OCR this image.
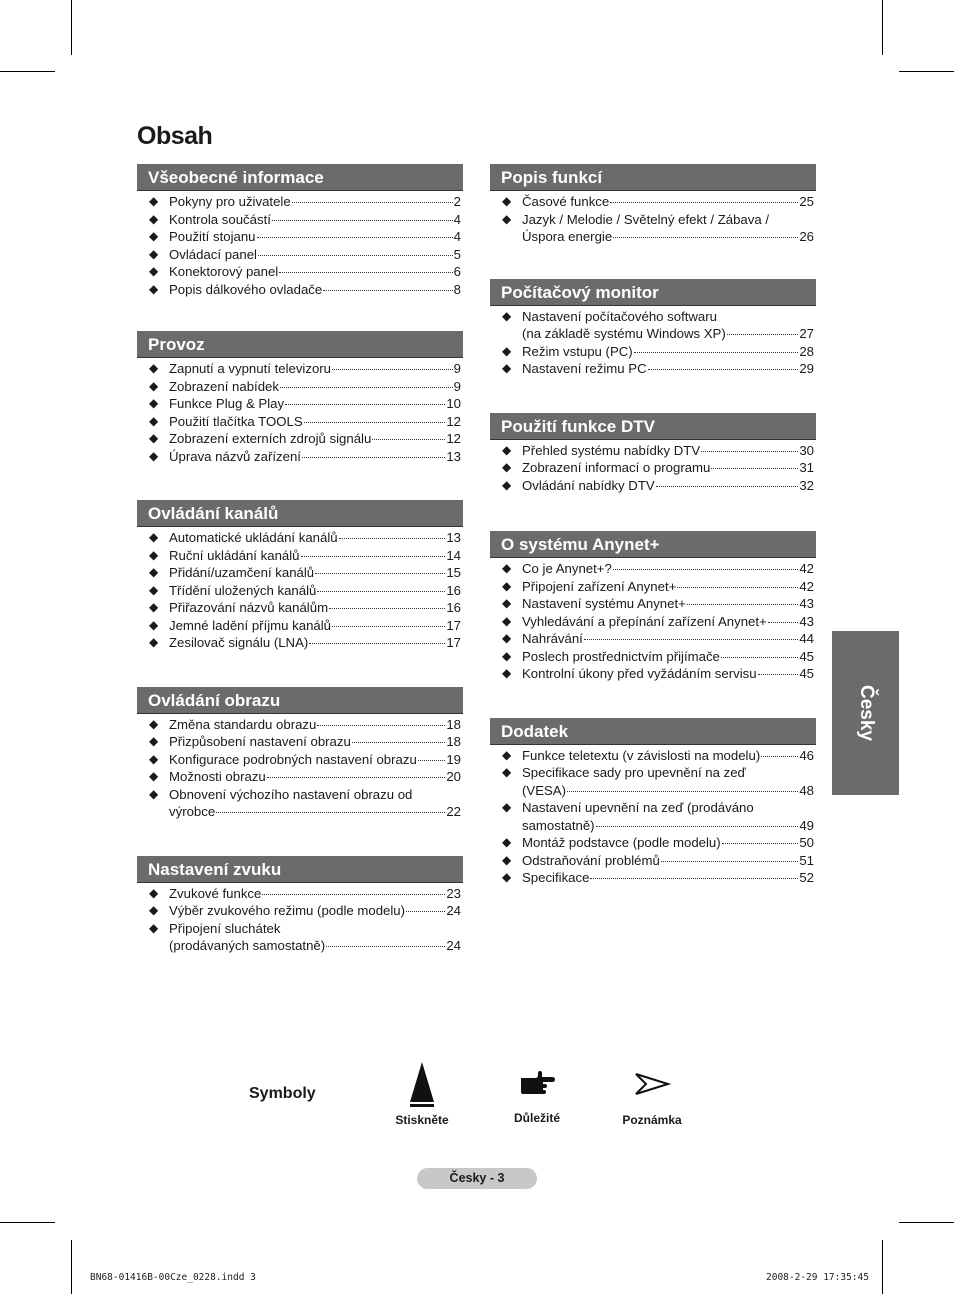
Obsah
Všeobecné informace
◆ Pokyny pro uživatele	2
◆ Kontrola součástí	4
◆ Použití stojanu	4
◆ Ovládací panel	5
◆ Konektorový panel	6
◆ Popis dálkového ovladače	8
Provoz
◆ Zapnutí a vypnutí televizoru	9
◆ Zobrazení nabídek	9
◆ Funkce Plug & Play	10
◆ Použití tlačítka TOOLS	12
◆ Zobrazení externích zdrojů signálu	12
◆ Úprava názvů zařízení	13
Ovládání kanálů
◆ Automatické ukládání kanálů	13
◆ Ruční ukládání kanálů	14
◆ Přidání/uzamčení kanálů	15
◆ Třídění uložených kanálů	16
◆ Přiřazování názvů kanálům	16
◆ Jemné ladění příjmu kanálů	17
◆ Zesilovač signálu (LNA)	17
Ovládání obrazu
◆ Změna standardu obrazu	18
◆ Přizpůsobení nastavení obrazu	18
◆ Konfigurace podrobných nastavení obrazu 19
◆ Možnosti obrazu	20
◆ Obnovení výchozího nastavení obrazu od
výrobce	22
Nastavení zvuku
◆ Zvukové funkce	23
◆ Výběr zvukového režimu (podle modelu)	24
◆ Připojení sluchátek
(prodávaných samostatně)	24
Popis funkcí
◆ Časové funkce	25
◆ Jazyk / Melodie / Světelný efekt / Zábava /
Úspora energie	26
Počítačový monitor
◆ Nastavení počítačového softwaru
(na základě systému Windows XP)	27
◆ Režim vstupu (PC)	28
◆ Nastavení režimu PC	29
Použití funkce DTV
◆ Přehled systému nabídky DTV	30
◆ Zobrazení informací o programu	31
◆ Ovládání nabídky DTV	32
O systému Anynet+
◆ Co je Anynet+?	42
◆ Připojení zařízení Anynet+	42
◆ Nastavení systému Anynet+	43
◆ Vyhledávání a přepínání zařízení Anynet+ 43
◆ Nahrávání	44
◆ Poslech prostřednictvím přijímače	45
◆ Kontrolní úkony před vyžádáním servisu	45
Dodatek
◆ Funkce teletextu (v závislosti na modelu)	46
◆ Specifikace sady pro upevnění na zeď
(VESA)	48
◆ Nastavení upevnění na zeď (prodáváno
samostatně)	49
◆ Montáž podstavce (podle modelu)	50
◆ Odstraňování problémů	51
◆ Specifikace	52
Česky
Symboly
Stiskněte	Důležité	Poznámka
Česky - 3
BN68-01416B-00Cze_0228.indd 3	2008-2-29 17:35:45
